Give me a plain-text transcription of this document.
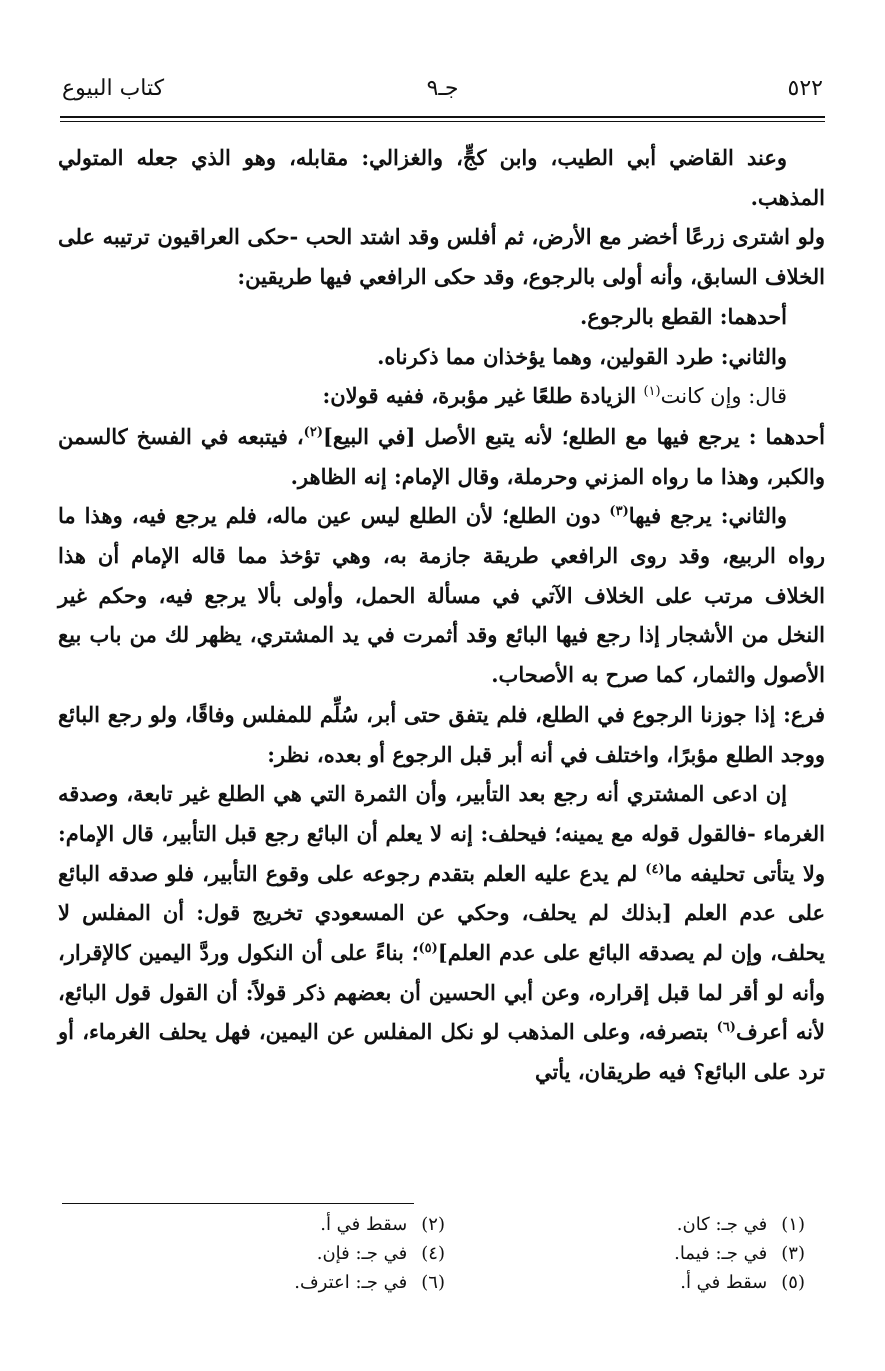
٥٢٢
جـ٩
كتاب البيوع

وعند القاضي أبي الطيب، وابن كجٍّ، والغزالي: مقابله، وهو الذي جعله المتولي المذهب.

ولو اشترى زرعًا أخضر مع الأرض، ثم أفلس وقد اشتد الحب -حكى العراقيون ترتيبه على الخلاف السابق، وأنه أولى بالرجوع، وقد حكى الرافعي فيها طريقين:

أحدهما: القطع بالرجوع.

والثاني: طرد القولين، وهما يؤخذان مما ذكرناه.

قال: وإن كانت$^{(١)}$ الزيادة طلعًا غير مؤبرة، ففيه قولان:

أحدهما : يرجع فيها مع الطلع؛ لأنه يتبع الأصل [في البيع]$^{(٢)}$، فيتبعه في الفسخ كالسمن والكبر، وهذا ما رواه المزني وحرملة، وقال الإمام: إنه الظاهر.

والثاني: يرجع فيها$^{(٣)}$ دون الطلع؛ لأن الطلع ليس عين ماله، فلم يرجع فيه، وهذا ما رواه الربيع، وقد روى الرافعي طريقة جازمة به، وهي تؤخذ مما قاله الإمام أن هذا الخلاف مرتب على الخلاف الآتي في مسألة الحمل، وأولى بألا يرجع فيه، وحكم غير النخل من الأشجار إذا رجع فيها البائع وقد أثمرت في يد المشتري، يظهر لك من باب بيع الأصول والثمار، كما صرح به الأصحاب.

فرع: إذا جوزنا الرجوع في الطلع، فلم يتفق حتى أبر، سُلِّم للمفلس وفاقًا، ولو رجع البائع ووجد الطلع مؤبرًا، واختلف في أنه أبر قبل الرجوع أو بعده، نظر:

إن ادعى المشتري أنه رجع بعد التأبير، وأن الثمرة التي هي الطلع غير تابعة، وصدقه الغرماء -فالقول قوله مع يمينه؛ فيحلف: إنه لا يعلم أن البائع رجع قبل التأبير، قال الإمام: ولا يتأتى تحليفه ما$^{(٤)}$ لم يدع عليه العلم بتقدم رجوعه على وقوع التأبير، فلو صدقه البائع على عدم العلم [بذلك لم يحلف، وحكي عن المسعودي تخريج قول: أن المفلس لا يحلف، وإن لم يصدقه البائع على عدم العلم]$^{(٥)}$؛ بناءً على أن النكول وردَّ اليمين كالإقرار، وأنه لو أقر لما قبل إقراره، وعن أبي الحسين أن بعضهم ذكر قولاً: أن القول قول البائع، لأنه أعرف$^{(٦)}$ بتصرفه، وعلى المذهب لو نكل المفلس عن اليمين، فهل يحلف الغرماء، أو ترد على البائع؟ فيه طريقان، يأتي

(١)
في جـ: كان.
(٢)
سقط في أ.
(٣)
في جـ: فيما.
(٤)
في جـ: فإن.
(٥)
سقط في أ.
(٦)
في جـ: اعترف.
